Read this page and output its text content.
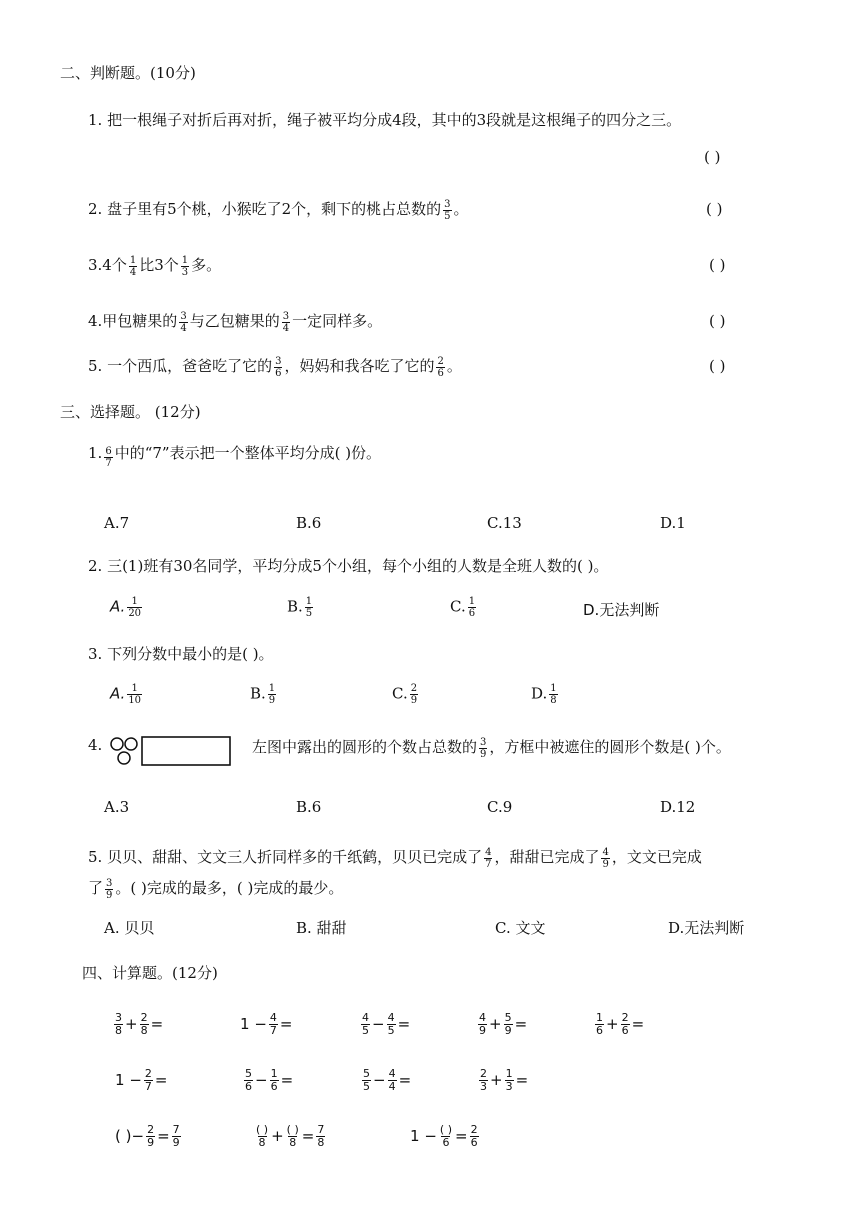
二、判断题。(10分)
1. 把一根绳子对折后再对折，绳子被平均分成4段，其中的3段就是这根绳子的四分之三。
( )
2. 盘子里有5个桃，小猴吃了2个，剩下的桃占总数的 $\frac{3}{5}$ 。	( )
3.4个 $\frac{1}{4}$ 比3个 $\frac{1}{3}$ 多。	( )
4.甲包糖果的 $\frac{3}{4}$ 与乙包糖果的 $\frac{3}{4}$ 一定同样多。	( )
5. 一个西瓜，爸爸吃了它的 $\frac{3}{6}$ ，妈妈和我各吃了它的 $\frac{2}{6}$ 。	( )
三、选择题。 (12分)
1. $\frac{6}{7}$ 中的“7”表示把一个整体平均分成( )份。
A.7	B.6	C.13	D.1
2. 三(1)班有30名同学，平均分成5个小组，每个小组的人数是全班人数的( )。
A. $\frac{1}{20}$	B. $\frac{1}{5}$	C. $\frac{1}{6}$	D.无法判断
3. 下列分数中最小的是( )。
A. $\frac{1}{10}$	B. $\frac{1}{9}$	C. $\frac{2}{9}$	D. $\frac{1}{8}$
4.	左图中露出的圆形的个数占总数的 $\frac{3}{9}$ ，方框中被遮住的圆形个数是( )个。
A.3	B.6	C.9	D.12
5. 贝贝、甜甜、文文三人折同样多的千纸鹤，贝贝已完成了 $\frac{4}{7}$ ，甜甜已完成了 $\frac{4}{9}$ ，文文已完成
了 $\frac{3}{9}$ 。( )完成的最多，( )完成的最少。
A. 贝贝	B. 甜甜	C. 文文	D.无法判断
四、计算题。(12分)
$\frac{3}{8} + \frac{2}{8}$ =	$1 - \frac{4}{7}$ =	$\frac{4}{5} - \frac{4}{5}$ =	$\frac{4}{9} + \frac{5}{9}$ =	$\frac{1}{6} + \frac{2}{6}$ =
$1 - \frac{2}{7}$ =	$\frac{5}{6} - \frac{1}{6}$ =	$\frac{5}{5} - \frac{4}{4}$ =	$\frac{2}{3} + \frac{1}{3}$ =
( )− $\frac{2}{9} = \frac{7}{9}$	$\frac{( )}{8} + \frac{( )}{8} = \frac{7}{8}$	$1 - \frac{( )}{6} = \frac{2}{6}$
